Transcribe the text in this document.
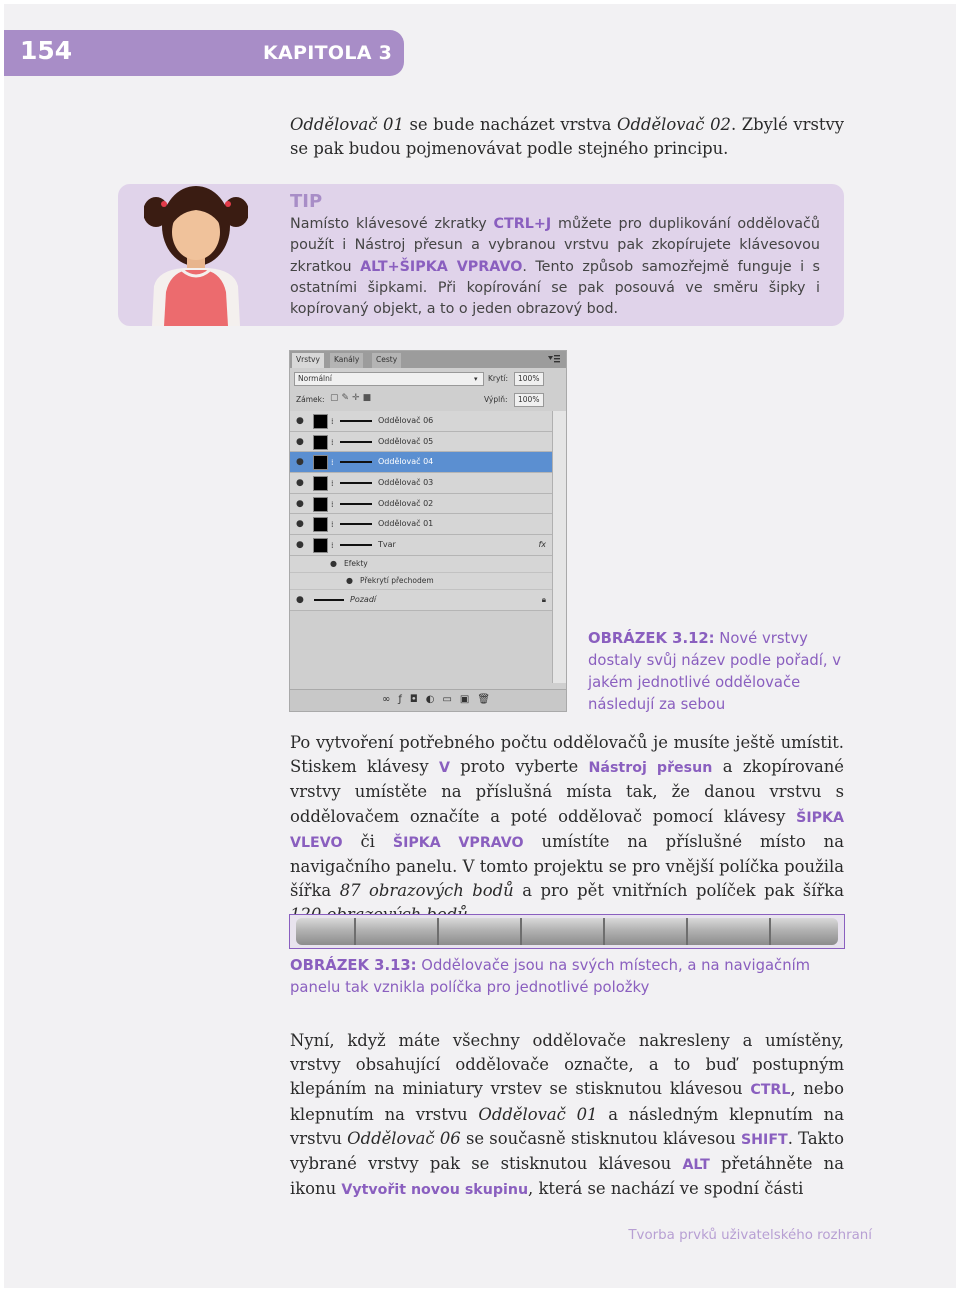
154	KAPITOLA 3

Oddělovač 01 se bude nacházet vrstva Oddělovač 02. Zbylé vrstvy se pak budou pojmenovávat podle stejného principu.

TIP

Namísto klávesové zkratky CTRL+J můžete pro duplikování oddělovačů použít i Nástroj přesun a vybranou vrstvu pak zkopírujete klávesovou zkratkou ALT+ŠIPKA VPRAVO. Tento způsob samozřejmě funguje i s ostatními šipkami. Při kopírování se pak posouvá ve směru šipky i kopírovaný objekt, a to o jeden obrazový bod.

Vrstvy	Kanály	Cesty
Normální	▾ Krytí:	100%
Zámek: ▢✎✛■	Výplň:	100%
●	⁞	Oddělovač 06
●	⁞	Oddělovač 05
●	⁞	Oddělovač 04
●	⁞	Oddělovač 03
●	⁞	Oddělovač 02
●	⁞	Oddělovač 01
●	⁞	Tvar	fx
● Efekty
● Překrytí přechodem
●	Pozadí	🔒︎
∞ƒ◘◐▭▣🗑︎
OBRÁZEK 3.12: Nové vrstvy dostaly svůj název podle pořadí, v jakém jednotlivé oddělovače následují za sebou

Po vytvoření potřebného počtu oddělovačů je musíte ještě umístit. Stiskem klávesy V proto vyberte Nástroj přesun a zkopírované vrstvy umístěte na příslušná místa tak, že danou vrstvu s oddělovačem označíte a poté oddělovač pomocí klávesy ŠIPKA VLEVO či ŠIPKA VPRAVO umístíte na příslušné místo na navigačního panelu. V tomto projektu se pro vnější políčka použila šířka 87 obrazových bodů a pro pět vnitřních políček pak šířka

OBRÁZEK 3.13: Oddělovače jsou na svých místech, a na navigačním panelu tak vznikla políčka pro jednotlivé položky

Nyní, když máte všechny oddělovače nakresleny a umístěny, vrstvy obsahující oddělovače označte, a to buď postupným klepáním na miniatury vrstev se stisknutou klávesou CTRL, nebo klepnutím na vrstvu Oddělovač 01 a následným klepnutím na vrstvu Oddělovač 06 se současně stisknutou klávesou SHIFT. Takto vybrané vrstvy pak se stisknutou klávesou ALT přetáhněte na ikonu Vytvořit novou skupinu, která se nachází ve spodní části

Tvorba prvků uživatelského rozhraní
